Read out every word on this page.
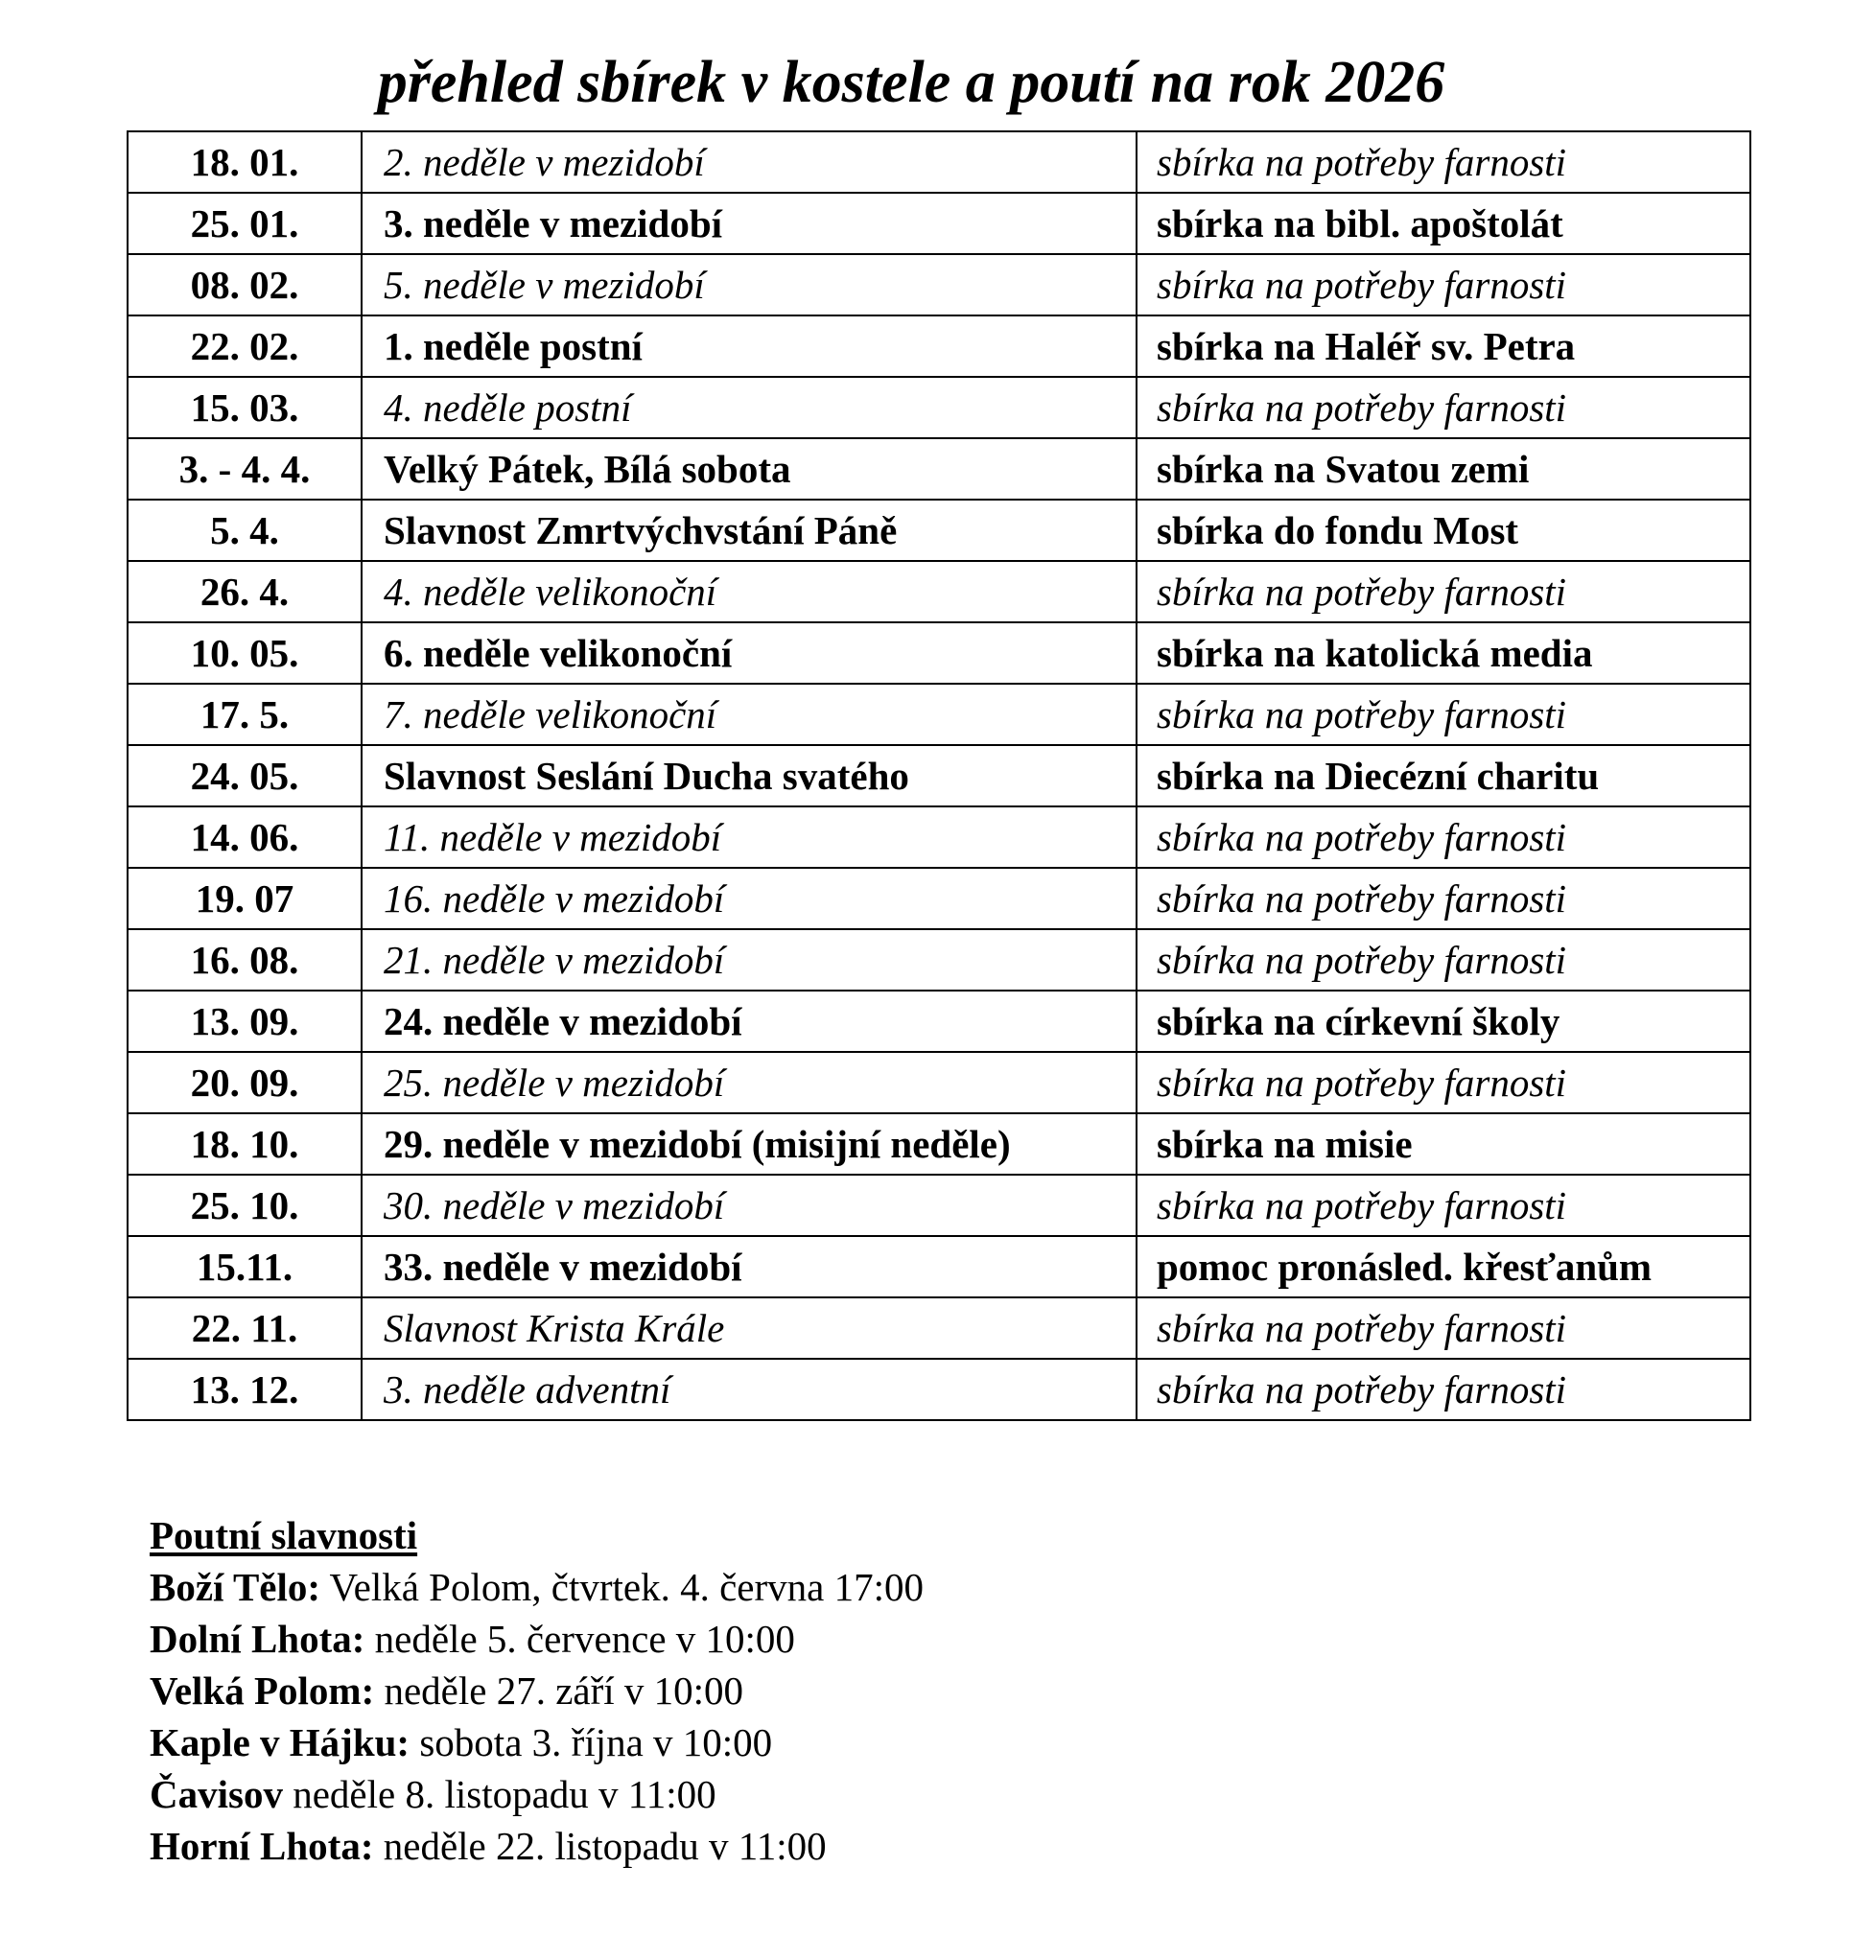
přehled sbírek v kostele a poutí na rok 2026
18. 01.	2. neděle v mezidobí	sbírka na potřeby farnosti
25. 01.	3. neděle v mezidobí	sbírka na bibl. apoštolát
08. 02.	5. neděle v mezidobí	sbírka na potřeby farnosti
22. 02.	1. neděle postní	sbírka na Haléř sv. Petra
15. 03.	4. neděle postní	sbírka na potřeby farnosti
3. - 4. 4.	Velký Pátek, Bílá sobota	sbírka na Svatou zemi
5. 4.	Slavnost Zmrtvýchvstání Páně	sbírka do fondu Most
26. 4.	4. neděle velikonoční	sbírka na potřeby farnosti
10. 05.	6. neděle velikonoční	sbírka na katolická media
17. 5.	7. neděle velikonoční	sbírka na potřeby farnosti
24. 05.	Slavnost Seslání Ducha svatého	sbírka na Diecézní charitu
14. 06.	11. neděle v mezidobí	sbírka na potřeby farnosti
19. 07	16. neděle v mezidobí	sbírka na potřeby farnosti
16. 08.	21. neděle v mezidobí	sbírka na potřeby farnosti
13. 09.	24. neděle v mezidobí	sbírka na církevní školy
20. 09.	25. neděle v mezidobí	sbírka na potřeby farnosti
18. 10.	29. neděle v mezidobí (misijní neděle)	sbírka na misie
25. 10.	30. neděle v mezidobí	sbírka na potřeby farnosti
15.11.	33. neděle v mezidobí	pomoc pronásled. křesťanům
22. 11.	Slavnost Krista Krále	sbírka na potřeby farnosti
13. 12.	3. neděle adventní	sbírka na potřeby farnosti
Poutní slavnosti
Boží Tělo: Velká Polom, čtvrtek. 4. června 17:00
Dolní Lhota: neděle 5. července v 10:00
Velká Polom: neděle 27. září v 10:00
Kaple v Hájku: sobota 3. října v 10:00
Čavisov neděle 8. listopadu v 11:00
Horní Lhota: neděle 22. listopadu v 11:00
